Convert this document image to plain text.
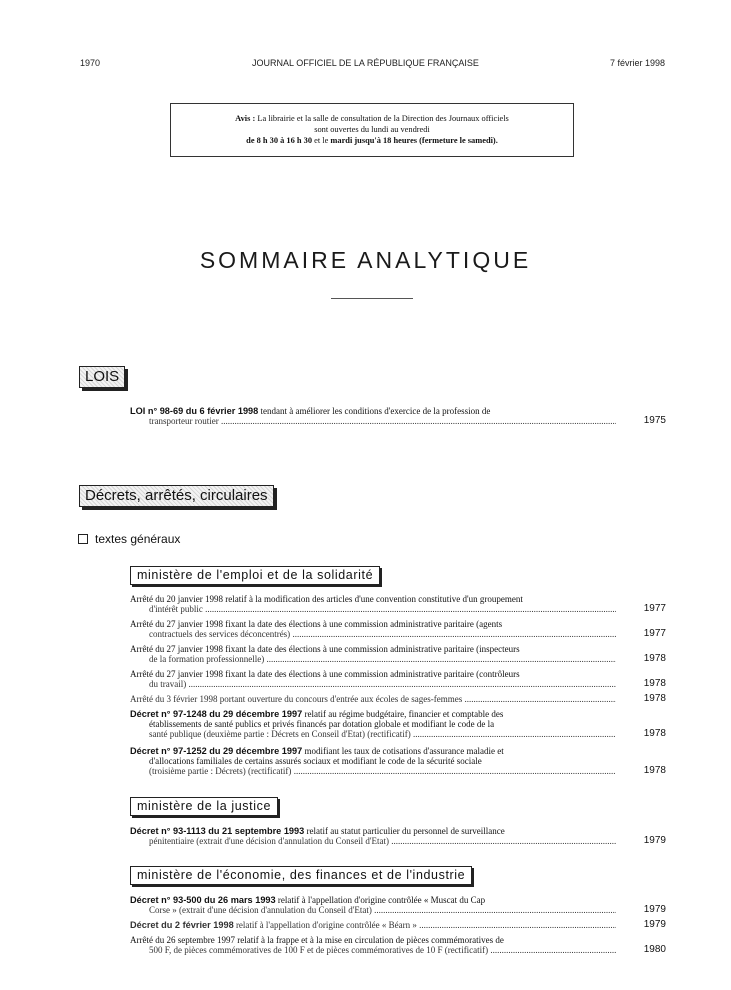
1970	JOURNAL OFFICIEL DE LA RÉPUBLIQUE FRANÇAISE	7 février 1998
Avis : La librairie et la salle de consultation de la Direction des Journaux officiels
sont ouvertes du lundi au vendredi
de 8 h 30 à 16 h 30 et le mardi jusqu'à 18 heures (fermeture le samedi).
SOMMAIRE ANALYTIQUE
LOIS
LOI n° 98-69 du 6 février 1998 tendant à améliorer les conditions d'exercice de la profession de
transporteur routier .....	1975
Décrets, arrêtés, circulaires
textes généraux
ministère de l'emploi et de la solidarité
Arrêté du 20 janvier 1998 relatif à la modification des articles d'une convention constitutive d'un groupement
d'intérêt public .....	1977
Arrêté du 27 janvier 1998 fixant la date des élections à une commission administrative paritaire (agents
contractuels des services déconcentrés) .....	1977
Arrêté du 27 janvier 1998 fixant la date des élections à une commission administrative paritaire (inspecteurs
de la formation professionnelle) .....	1978
Arrêté du 27 janvier 1998 fixant la date des élections à une commission administrative paritaire (contrôleurs
du travail) .....	1978
Arrêté du 3 février 1998 portant ouverture du concours d'entrée aux écoles de sages-femmes .....	1978
Décret n° 97-1248 du 29 décembre 1997 relatif au régime budgétaire, financier et comptable des
établissements de santé publics et privés financés par dotation globale et modifiant le code de la
santé publique (deuxième partie : Décrets en Conseil d'Etat) (rectificatif) .....	1978
Décret n° 97-1252 du 29 décembre 1997 modifiant les taux de cotisations d'assurance maladie et
d'allocations familiales de certains assurés sociaux et modifiant le code de la sécurité sociale
(troisième partie : Décrets) (rectificatif) .....	1978
ministère de la justice
Décret n° 93-1113 du 21 septembre 1993 relatif au statut particulier du personnel de surveillance
pénitentiaire (extrait d'une décision d'annulation du Conseil d'Etat) .....	1979
ministère de l'économie, des finances et de l'industrie
Décret n° 93-500 du 26 mars 1993 relatif à l'appellation d'origine contrôlée « Muscat du Cap
Corse » (extrait d'une décision d'annulation du Conseil d'Etat) .....	1979
Décret du 2 février 1998 relatif à l'appellation d'origine contrôlée « Béarn » .....	1979
Arrêté du 26 septembre 1997 relatif à la frappe et à la mise en circulation de pièces commémoratives de
500 F, de pièces commémoratives de 100 F et de pièces commémoratives de 10 F (rectificatif) .....	1980
